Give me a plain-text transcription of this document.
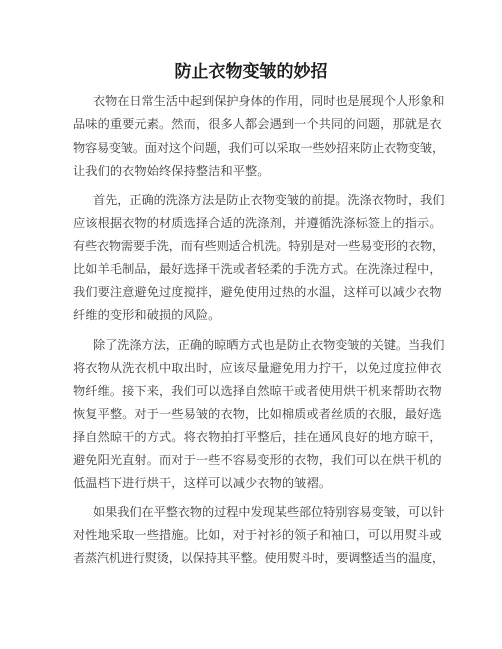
防止衣物变皱的妙招
衣物在日常生活中起到保护身体的作用，同时也是展现个人形象和
品味的重要元素。然而，很多人都会遇到一个共同的问题，那就是衣
物容易变皱。面对这个问题，我们可以采取一些妙招来防止衣物变皱，
让我们的衣物始终保持整洁和平整。
首先，正确的洗涤方法是防止衣物变皱的前提。洗涤衣物时，我们
应该根据衣物的材质选择合适的洗涤剂，并遵循洗涤标签上的指示。
有些衣物需要手洗，而有些则适合机洗。特别是对一些易变形的衣物，
比如羊毛制品，最好选择干洗或者轻柔的手洗方式。在洗涤过程中，
我们要注意避免过度搅拌，避免使用过热的水温，这样可以减少衣物
纤维的变形和破损的风险。
除了洗涤方法，正确的晾晒方式也是防止衣物变皱的关键。当我们
将衣物从洗衣机中取出时，应该尽量避免用力拧干，以免过度拉伸衣
物纤维。接下来，我们可以选择自然晾干或者使用烘干机来帮助衣物
恢复平整。对于一些易皱的衣物，比如棉质或者丝质的衣服，最好选
择自然晾干的方式。将衣物拍打平整后，挂在通风良好的地方晾干，
避免阳光直射。而对于一些不容易变形的衣物，我们可以在烘干机的
低温档下进行烘干，这样可以减少衣物的皱褶。
如果我们在平整衣物的过程中发现某些部位特别容易变皱，可以针
对性地采取一些措施。比如，对于衬衫的领子和袖口，可以用熨斗或
者蒸汽机进行熨烫，以保持其平整。使用熨斗时，要调整适当的温度，
